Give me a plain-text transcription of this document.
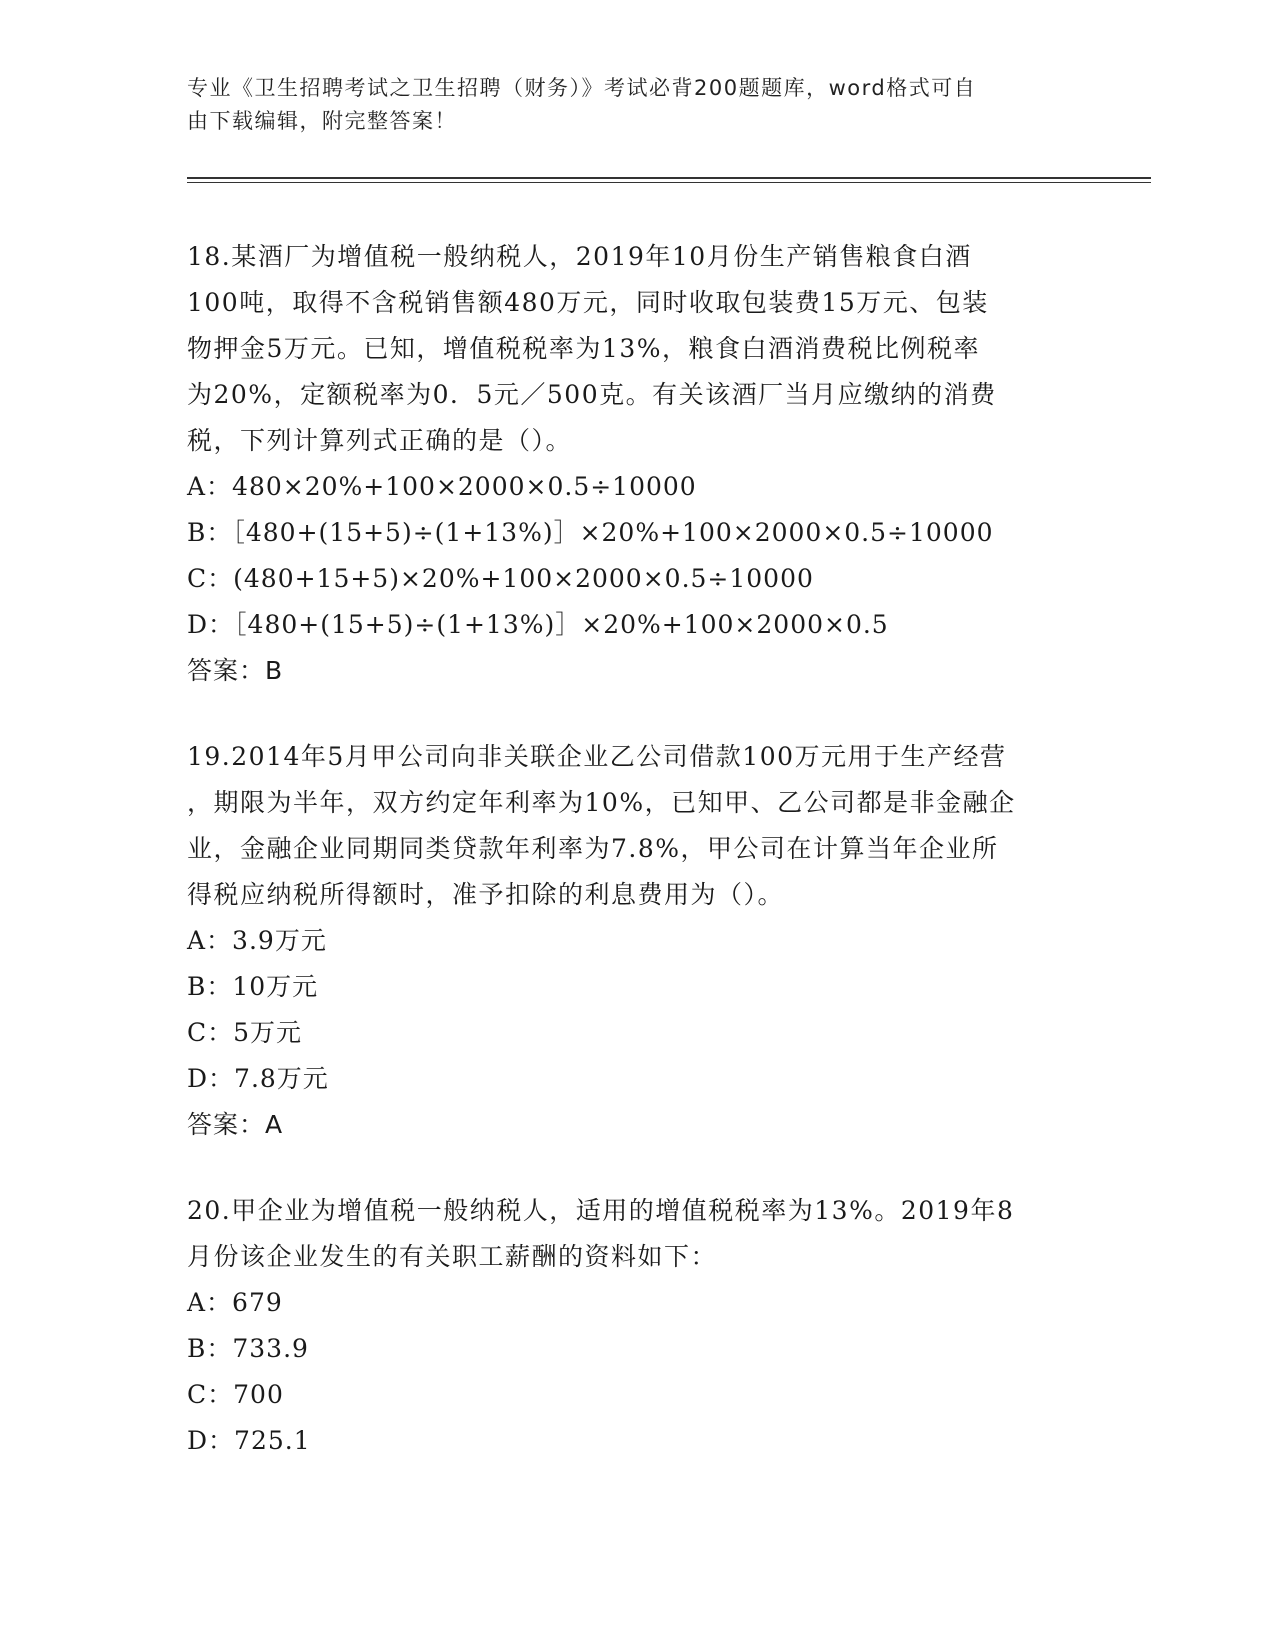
专业《卫生招聘考试之卫生招聘（财务）》考试必背200题题库，word格式可自

由下载编辑，附完整答案！

18.某酒厂为增值税一般纳税人，2019年10月份生产销售粮食白酒
100吨，取得不含税销售额480万元，同时收取包装费15万元、包装
物押金5万元。已知，增值税税率为13%，粮食白酒消费税比例税率
为20%，定额税率为0．5元／500克。有关该酒厂当月应缴纳的消费
税，下列计算列式正确的是（）。

A：480×20%+100×2000×0.5÷10000
B：［480+(15+5)÷(1+13%)］×20%+100×2000×0.5÷10000
C：(480+15+5)×20%+100×2000×0.5÷10000
D：［480+(15+5)÷(1+13%)］×20%+100×2000×0.5

答案：B

19.2014年5月甲公司向非关联企业乙公司借款100万元用于生产经营
，期限为半年，双方约定年利率为10%，已知甲、乙公司都是非金融企
业，金融企业同期同类贷款年利率为7.8%，甲公司在计算当年企业所
得税应纳税所得额时，准予扣除的利息费用为（）。

A：3.9万元
B：10万元
C：5万元
D：7.8万元

答案：A

20.甲企业为增值税一般纳税人，适用的增值税税率为13%。2019年8
月份该企业发生的有关职工薪酬的资料如下：

A：679
B：733.9
C：700
D：725.1
